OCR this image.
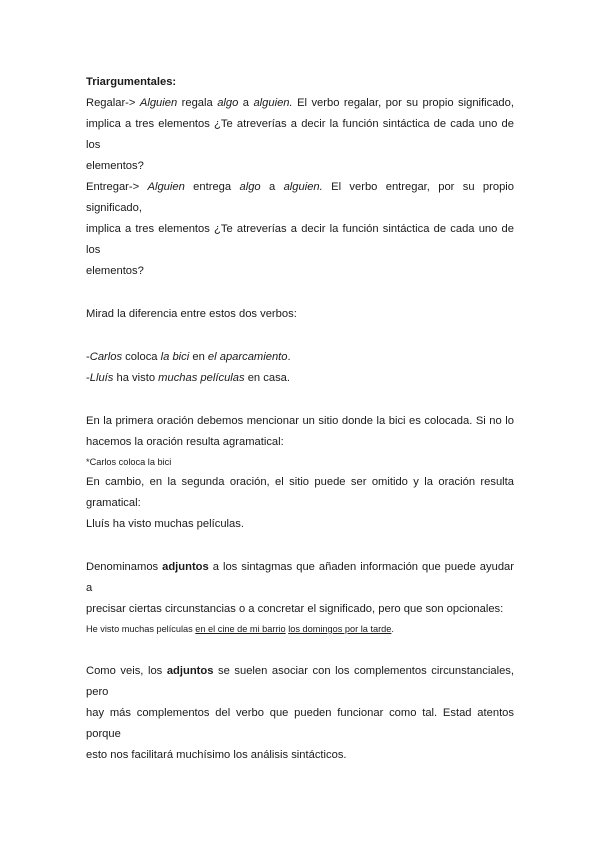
Triargumentales:
Regalar-> Alguien regala algo a alguien. El verbo regalar, por su propio significado,
implica a tres elementos ¿Te atreverías a decir la función sintáctica de cada uno de los
elementos?
Entregar-> Alguien entrega algo a alguien. El verbo entregar, por su propio significado,
implica a tres elementos ¿Te atreverías a decir la función sintáctica de cada uno de los
elementos?
Mirad la diferencia entre estos dos verbos:
-Carlos coloca la bici en el aparcamiento.
-Lluís ha visto muchas películas en casa.
En la primera oración debemos mencionar un sitio donde la bici es colocada. Si no lo
hacemos la oración resulta agramatical:
*Carlos coloca la bici
En cambio, en la segunda oración, el sitio puede ser omitido y la oración resulta
gramatical:
Lluís ha visto muchas películas.
Denominamos adjuntos a los sintagmas que añaden información que puede ayudar a
precisar ciertas circunstancias o a concretar el significado, pero que son opcionales:
He visto muchas películas en el cine de mi barrio los domingos por la tarde.
Como veis, los adjuntos se suelen asociar con los complementos circunstanciales, pero
hay más complementos del verbo que pueden funcionar como tal. Estad atentos porque
esto nos facilitará muchísimo los análisis sintácticos.
